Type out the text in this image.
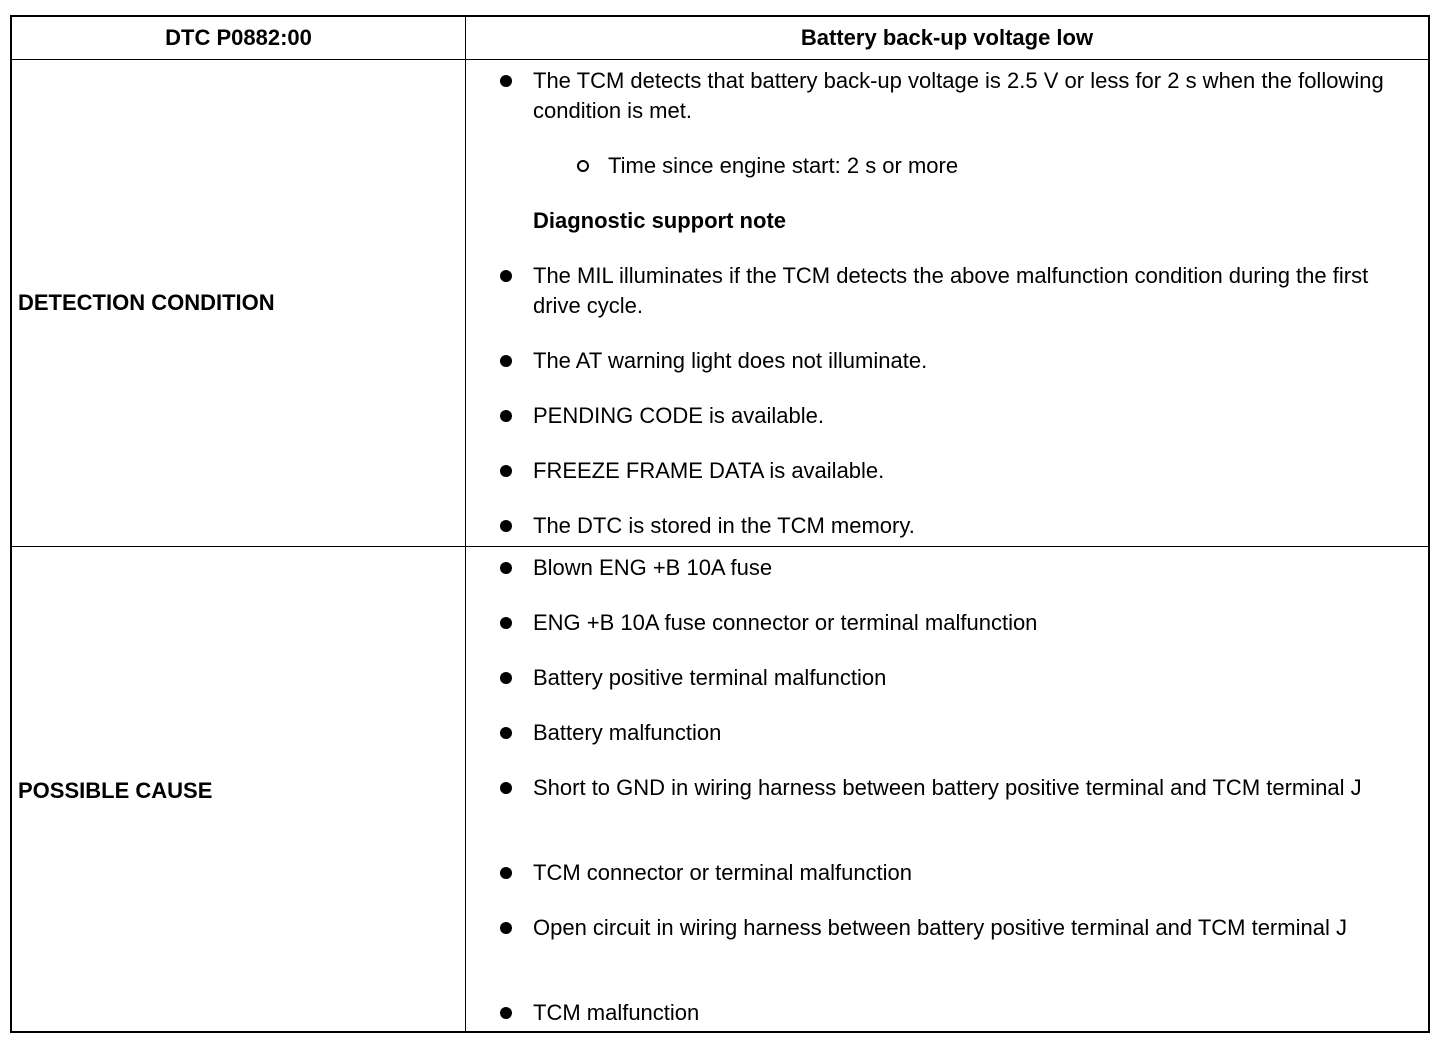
DTC P0882:00	Battery back-up voltage low
DETECTION CONDITION
POSSIBLE CAUSE
The TCM detects that battery back-up voltage is 2.5 V or less for 2 s when the following condition is met.
Time since engine start: 2 s or more
Diagnostic support note
The MIL illuminates if the TCM detects the above malfunction condition during the first drive cycle.
The AT warning light does not illuminate.
PENDING CODE is available.
FREEZE FRAME DATA is available.
The DTC is stored in the TCM memory.
Blown ENG +B 10A fuse
ENG +B 10A fuse connector or terminal malfunction
Battery positive terminal malfunction
Battery malfunction
Short to GND in wiring harness between battery positive terminal and TCM terminal J
TCM connector or terminal malfunction
Open circuit in wiring harness between battery positive terminal and TCM terminal J
TCM malfunction
